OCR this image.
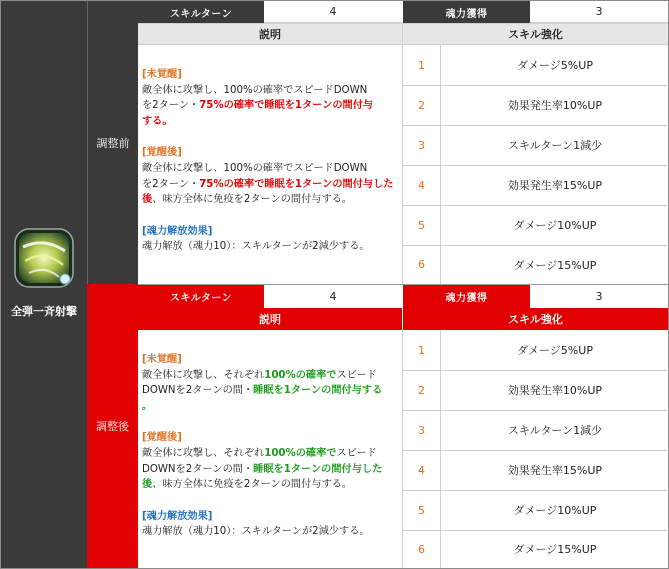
全弾一斉射撃
調整前
スキルターン	4	魂力獲得	3
説明	スキル強化

[未覚醒]

敵全体に攻撃し、100%の確率でスピードDOWN

を2ターン・75%の確率で睡眠を1ターンの間付与

する。

[覚醒後]

敵全体に攻撃し、100%の確率でスピードDOWN

を2ターン・75%の確率で睡眠を1ターンの間付与した

後、味方全体に免疫を2ターンの間付与する。

[魂力解放効果]

魂力解放（魂力10）：スキルターンが2減少する。

1	ダメージ5%UP
2	効果発生率10%UP
3	スキルターン1減少
4	効果発生率15%UP
5	ダメージ10%UP
6	ダメージ15%UP
調整後
スキルターン	4	魂力獲得	3
説明	スキル強化

[未覚醒]

敵全体に攻撃し、それぞれ100%の確率でスピード

DOWNを2ターンの間・睡眠を1ターンの間付与する

。

[覚醒後]

敵全体に攻撃し、それぞれ100%の確率でスピード

DOWNを2ターンの間・睡眠を1ターンの間付与した

後、味方全体に免疫を2ターンの間付与する。

[魂力解放効果]

魂力解放（魂力10）：スキルターンが2減少する。

1	ダメージ5%UP
2	効果発生率10%UP
3	スキルターン1減少
4	効果発生率15%UP
5	ダメージ10%UP
6	ダメージ15%UP
